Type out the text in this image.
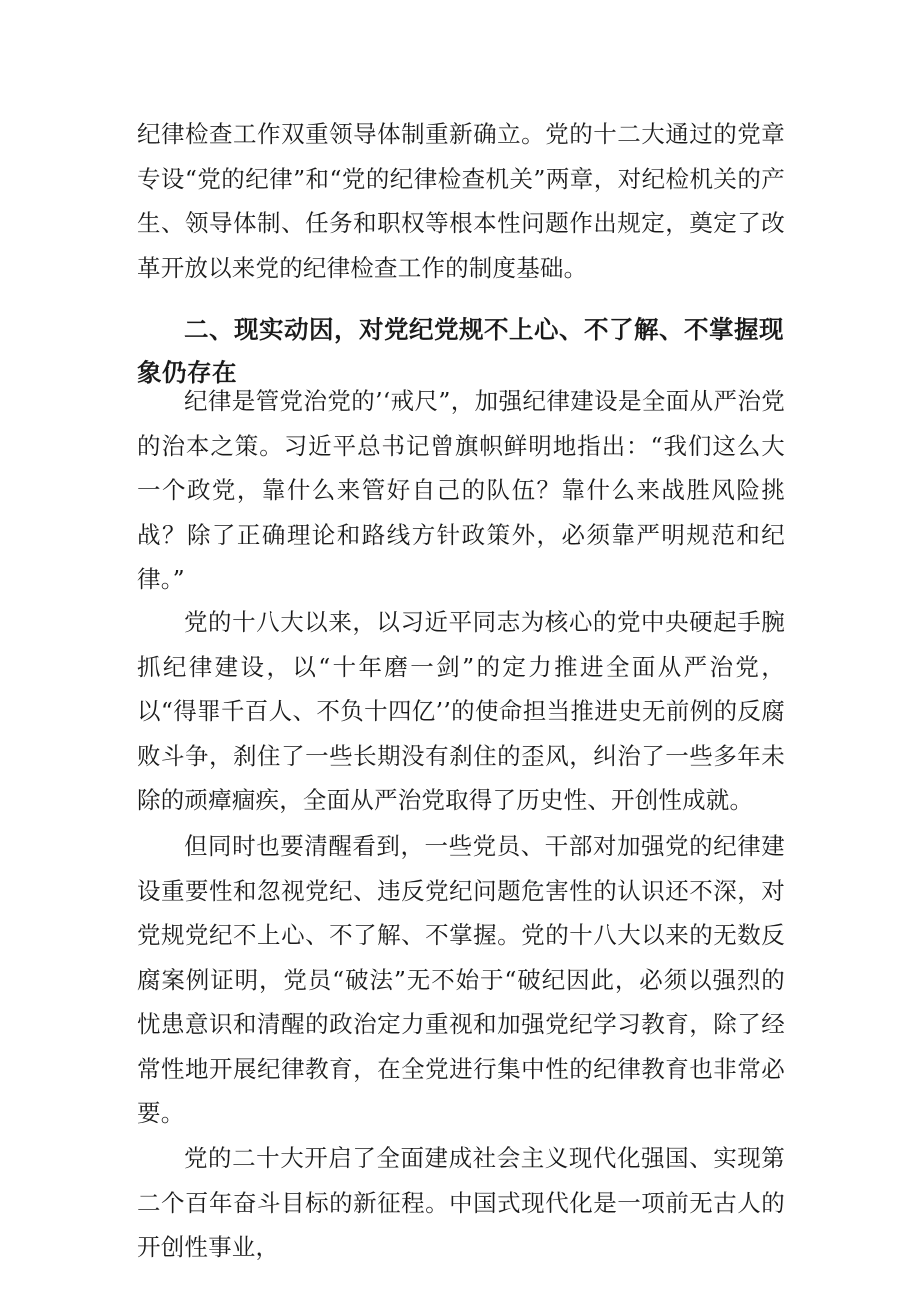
纪律检查工作双重领导体制重新确立。党的十二大通过的党章专设“党的纪律”和“党的纪律检查机关”两章，对纪检机关的产生、领导体制、任务和职权等根本性问题作出规定，奠定了改革开放以来党的纪律检查工作的制度基础。

二、现实动因，对党纪党规不上心、不了解、不掌握现象仍存在

纪律是管党治党的’‘戒尺”，加强纪律建设是全面从严治党的治本之策。习近平总书记曾旗帜鲜明地指出：“我们这么大一个政党，靠什么来管好自己的队伍？靠什么来战胜风险挑战？除了正确理论和路线方针政策外，必须靠严明规范和纪律。”

党的十八大以来，以习近平同志为核心的党中央硬起手腕抓纪律建设，以“十年磨一剑”的定力推进全面从严治党，以“得罪千百人、不负十四亿’’的使命担当推进史无前例的反腐败斗争，刹住了一些长期没有刹住的歪风，纠治了一些多年未除的顽瘴痼疾，全面从严治党取得了历史性、开创性成就。

但同时也要清醒看到，一些党员、干部对加强党的纪律建设重要性和忽视党纪、违反党纪问题危害性的认识还不深，对党规党纪不上心、不了解、不掌握。党的十八大以来的无数反腐案例证明，党员“破法”无不始于“破纪因此，必须以强烈的忧患意识和清醒的政治定力重视和加强党纪学习教育，除了经常性地开展纪律教育，在全党进行集中性的纪律教育也非常必要。

党的二十大开启了全面建成社会主义现代化强国、实现第二个百年奋斗目标的新征程。中国式现代化是一项前无古人的开创性事业，
